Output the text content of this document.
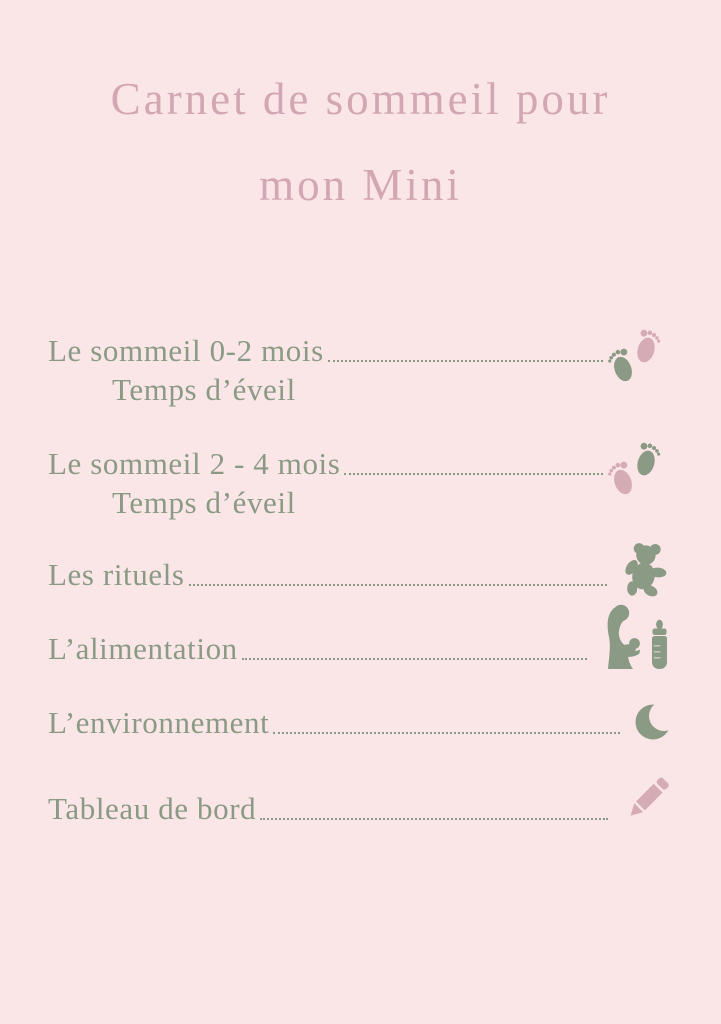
Carnet de sommeil pour
mon Mini
Le sommeil 0-2 mois
Temps d’éveil
Le sommeil 2 - 4 mois
Temps d’éveil
Les rituels
L’alimentation
L’environnement
Tableau de bord
